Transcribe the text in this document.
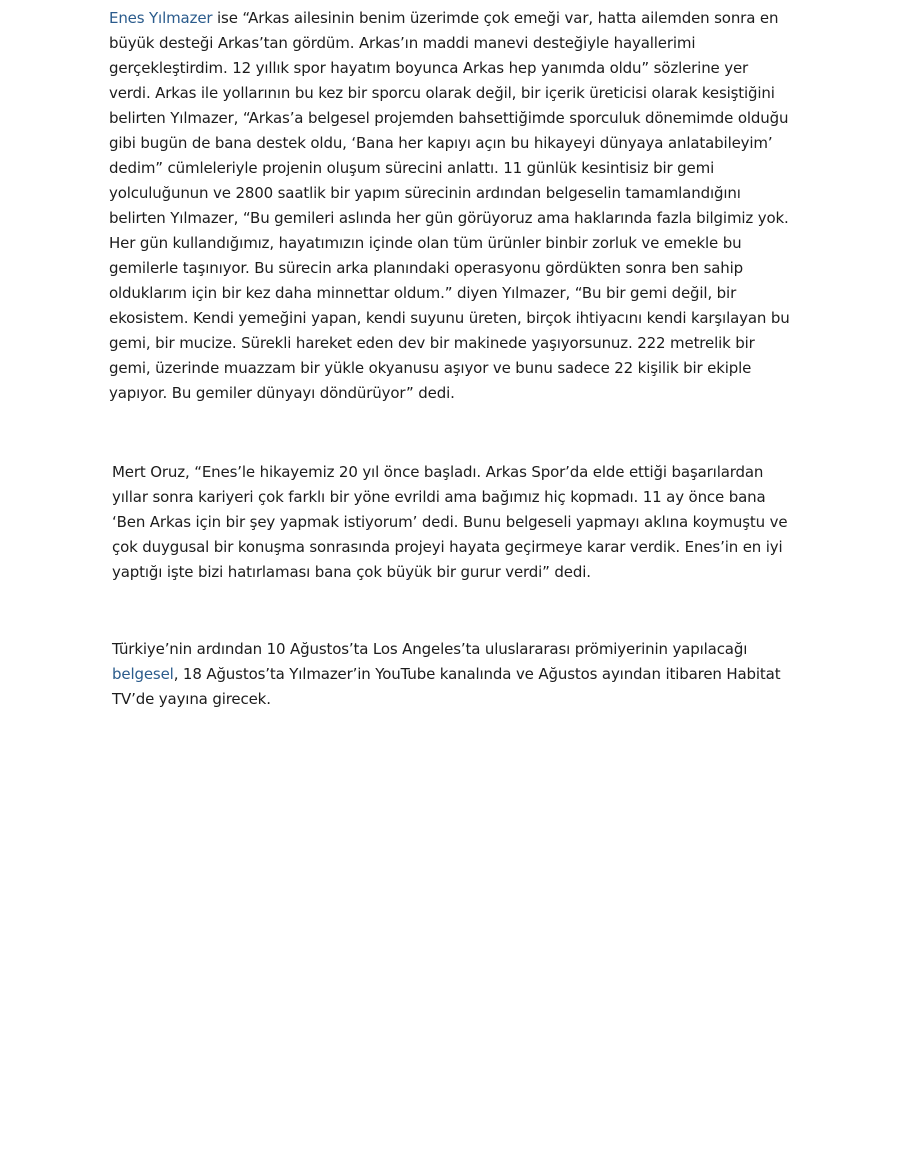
Enes Yılmazer ise “Arkas ailesinin benim üzerimde çok emeği var, hatta ailemden sonra en büyük desteği Arkas’tan gördüm. Arkas’ın maddi manevi desteğiyle hayallerimi gerçekleştirdim. 12 yıllık spor hayatım boyunca Arkas hep yanımda oldu” sözlerine yer verdi. Arkas ile yollarının bu kez bir sporcu olarak değil, bir içerik üreticisi olarak kesiştiğini belirten Yılmazer, “Arkas’a belgesel projemden bahsettiğimde sporculuk dönemimde olduğu gibi bugün de bana destek oldu, ‘Bana her kapıyı açın bu hikayeyi dünyaya anlatabileyim’ dedim” cümleleriyle projenin oluşum sürecini anlattı. 11 günlük kesintisiz bir gemi yolculuğunun ve 2800 saatlik bir yapım sürecinin ardından belgeselin tamamlandığını belirten Yılmazer, “Bu gemileri aslında her gün görüyoruz ama haklarında fazla bilgimiz yok. Her gün kullandığımız, hayatımızın içinde olan tüm ürünler binbir zorluk ve emekle bu gemilerle taşınıyor. Bu sürecin arka planındaki operasyonu gördükten sonra ben sahip olduklarım için bir kez daha minnettar oldum.” diyen Yılmazer, “Bu bir gemi değil, bir ekosistem. Kendi yemeğini yapan, kendi suyunu üreten, birçok ihtiyacını kendi karşılayan bu gemi, bir mucize. Sürekli hareket eden dev bir makinede yaşıyorsunuz. 222 metrelik bir gemi, üzerinde muazzam bir yükle okyanusu aşıyor ve bunu sadece 22 kişilik bir ekiple yapıyor. Bu gemiler dünyayı döndürüyor” dedi.

Mert Oruz, “Enes’le hikayemiz 20 yıl önce başladı. Arkas Spor’da elde ettiği başarılardan yıllar sonra kariyeri çok farklı bir yöne evrildi ama bağımız hiç kopmadı. 11 ay önce bana ‘Ben Arkas için bir şey yapmak istiyorum’ dedi. Bunu belgeseli yapmayı aklına koymuştu ve çok duygusal bir konuşma sonrasında projeyi hayata geçirmeye karar verdik. Enes’in en iyi yaptığı işte bizi hatırlaması bana çok büyük bir gurur verdi” dedi.

Türkiye’nin ardından 10 Ağustos’ta Los Angeles’ta uluslararası prömiyerinin yapılacağı belgesel, 18 Ağustos’ta Yılmazer’in YouTube kanalında ve Ağustos ayından itibaren Habitat TV’de yayına girecek.
